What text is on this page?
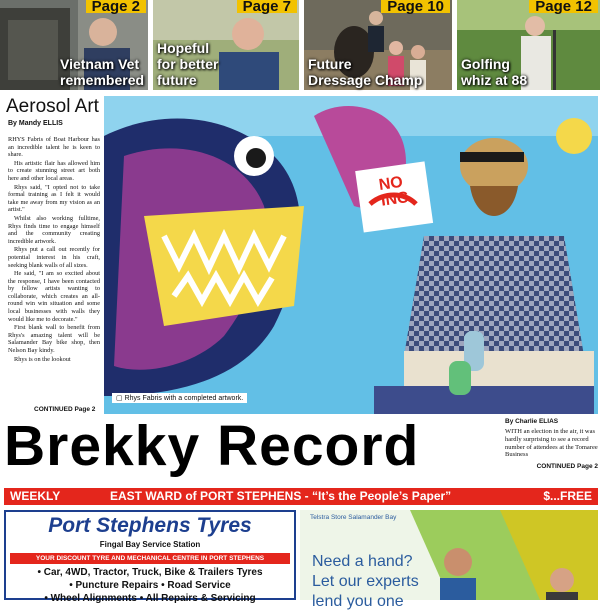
Page 2
Vietnam Vet
remembered
Page 7
Hopeful
for better
future
Page 10
Future
Dressage Champ
Page 12
Golfing
whiz at 88
Aerosol Art
By Mandy ELLIS

RHYS Fabris of Boat Harbour has an incredible talent he is keen to share.

His artistic flair has allowed him to create stunning street art both here and other local areas.

Rhys said, "I opted not to take formal training as I felt it would take me away from my vision as an artist."

Whilst also working fulltime, Rhys finds time to engage himself and the community creating incredible artwork.

Rhys put a call out recently for potential interest in his craft, seeking blank walls of all sizes.

He said, "I am so excited about the response, I have been contacted by fellow artists wanting to collaborate, which creates an all-round win win situation and some local businesses with walls they would like me to decorate."

First blank wall to benefit from Rhys's amazing talent will be Salamander Bay bike shop, then Nelson Bay kindy.

Rhys is on the lookout

CONTINUED Page 2
NO
INC
▢ Rhys Fabris with a completed artwork.
Brekky Record	By Charlie ELIAS
WITH an election in the air, it was hardly surprising to see a record number of attendees at the Tomaree Business
CONTINUED Page 2
WEEKLY	EAST WARD of PORT STEPHENS - “It’s the People’s Paper”	$...FREE
Port Stephens Tyres
Fingal Bay Service Station
YOUR DISCOUNT TYRE AND MECHANICAL CENTRE IN PORT STEPHENS
• Car, 4WD, Tractor, Truck, Bike & Trailers Tyres
• Puncture Repairs • Road Service
• Wheel Alignments • All Repairs & Servicing
Telstra Store Salamander Bay
Need a hand?
Let our experts
lend you one
